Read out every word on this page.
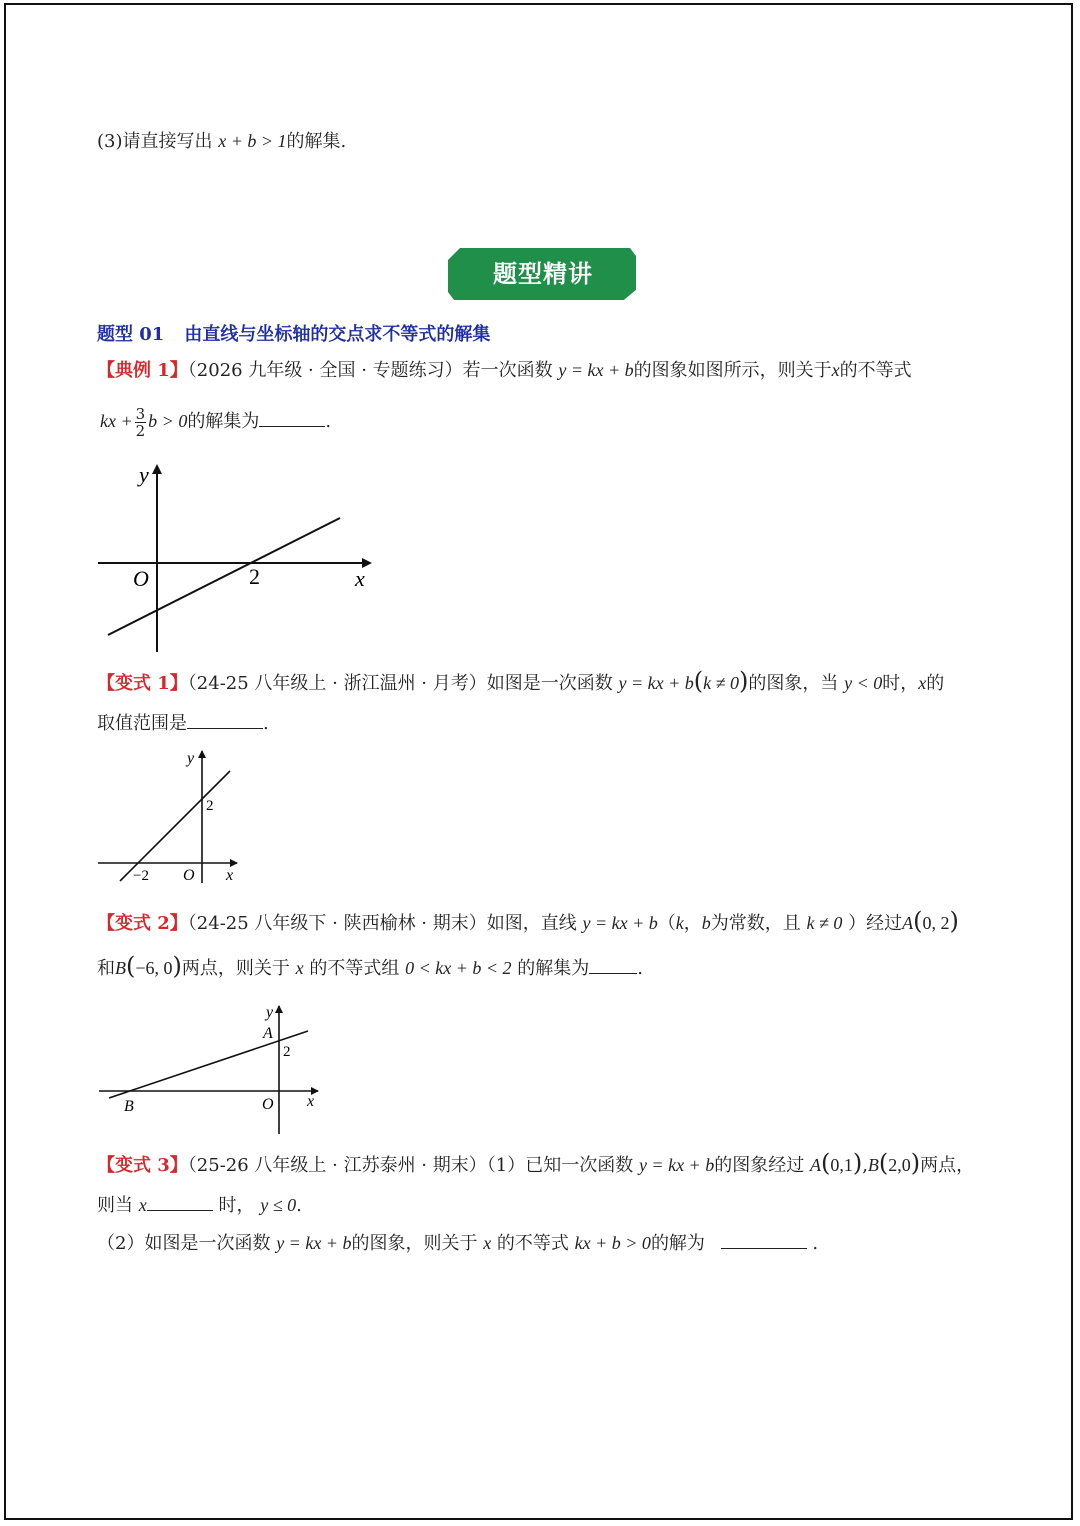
(3)请直接写出 x + b > 1的解集.
题型精讲
题型 01 由直线与坐标轴的交点求不等式的解集
【典例 1】（2026 九年级 · 全国 · 专题练习）若一次函数 y = kx + b的图象如图所示，则关于x的不等式
kx + $\frac{3}{2}$ b > 0的解集为	.
y
O	2	x
【变式 1】（24-25 八年级上 · 浙江温州 · 月考）如图是一次函数 y = kx + b(k ≠ 0)的图象，当 y < 0时，x的
取值范围是	.
y
2
−2 O x
【变式 2】（24-25 八年级下 · 陕西榆林 · 期末）如图，直线 y = kx + b（k，b为常数，且 k ≠ 0 ）经过A(0, 2)
和B(−6, 0)两点，则关于 x 的不等式组 0 < kx + b < 2 的解集为	.
y
A
2
B	O x
【变式 3】（25-26 八年级上 · 江苏泰州 · 期末）（1）已知一次函数 y = kx + b的图象经过 A(0,1),B(2,0)两点，
则当 x	时， y ≤ 0.
（2）如图是一次函数 y = kx + b的图象，则关于 x 的不等式 kx + b > 0的解为	.
